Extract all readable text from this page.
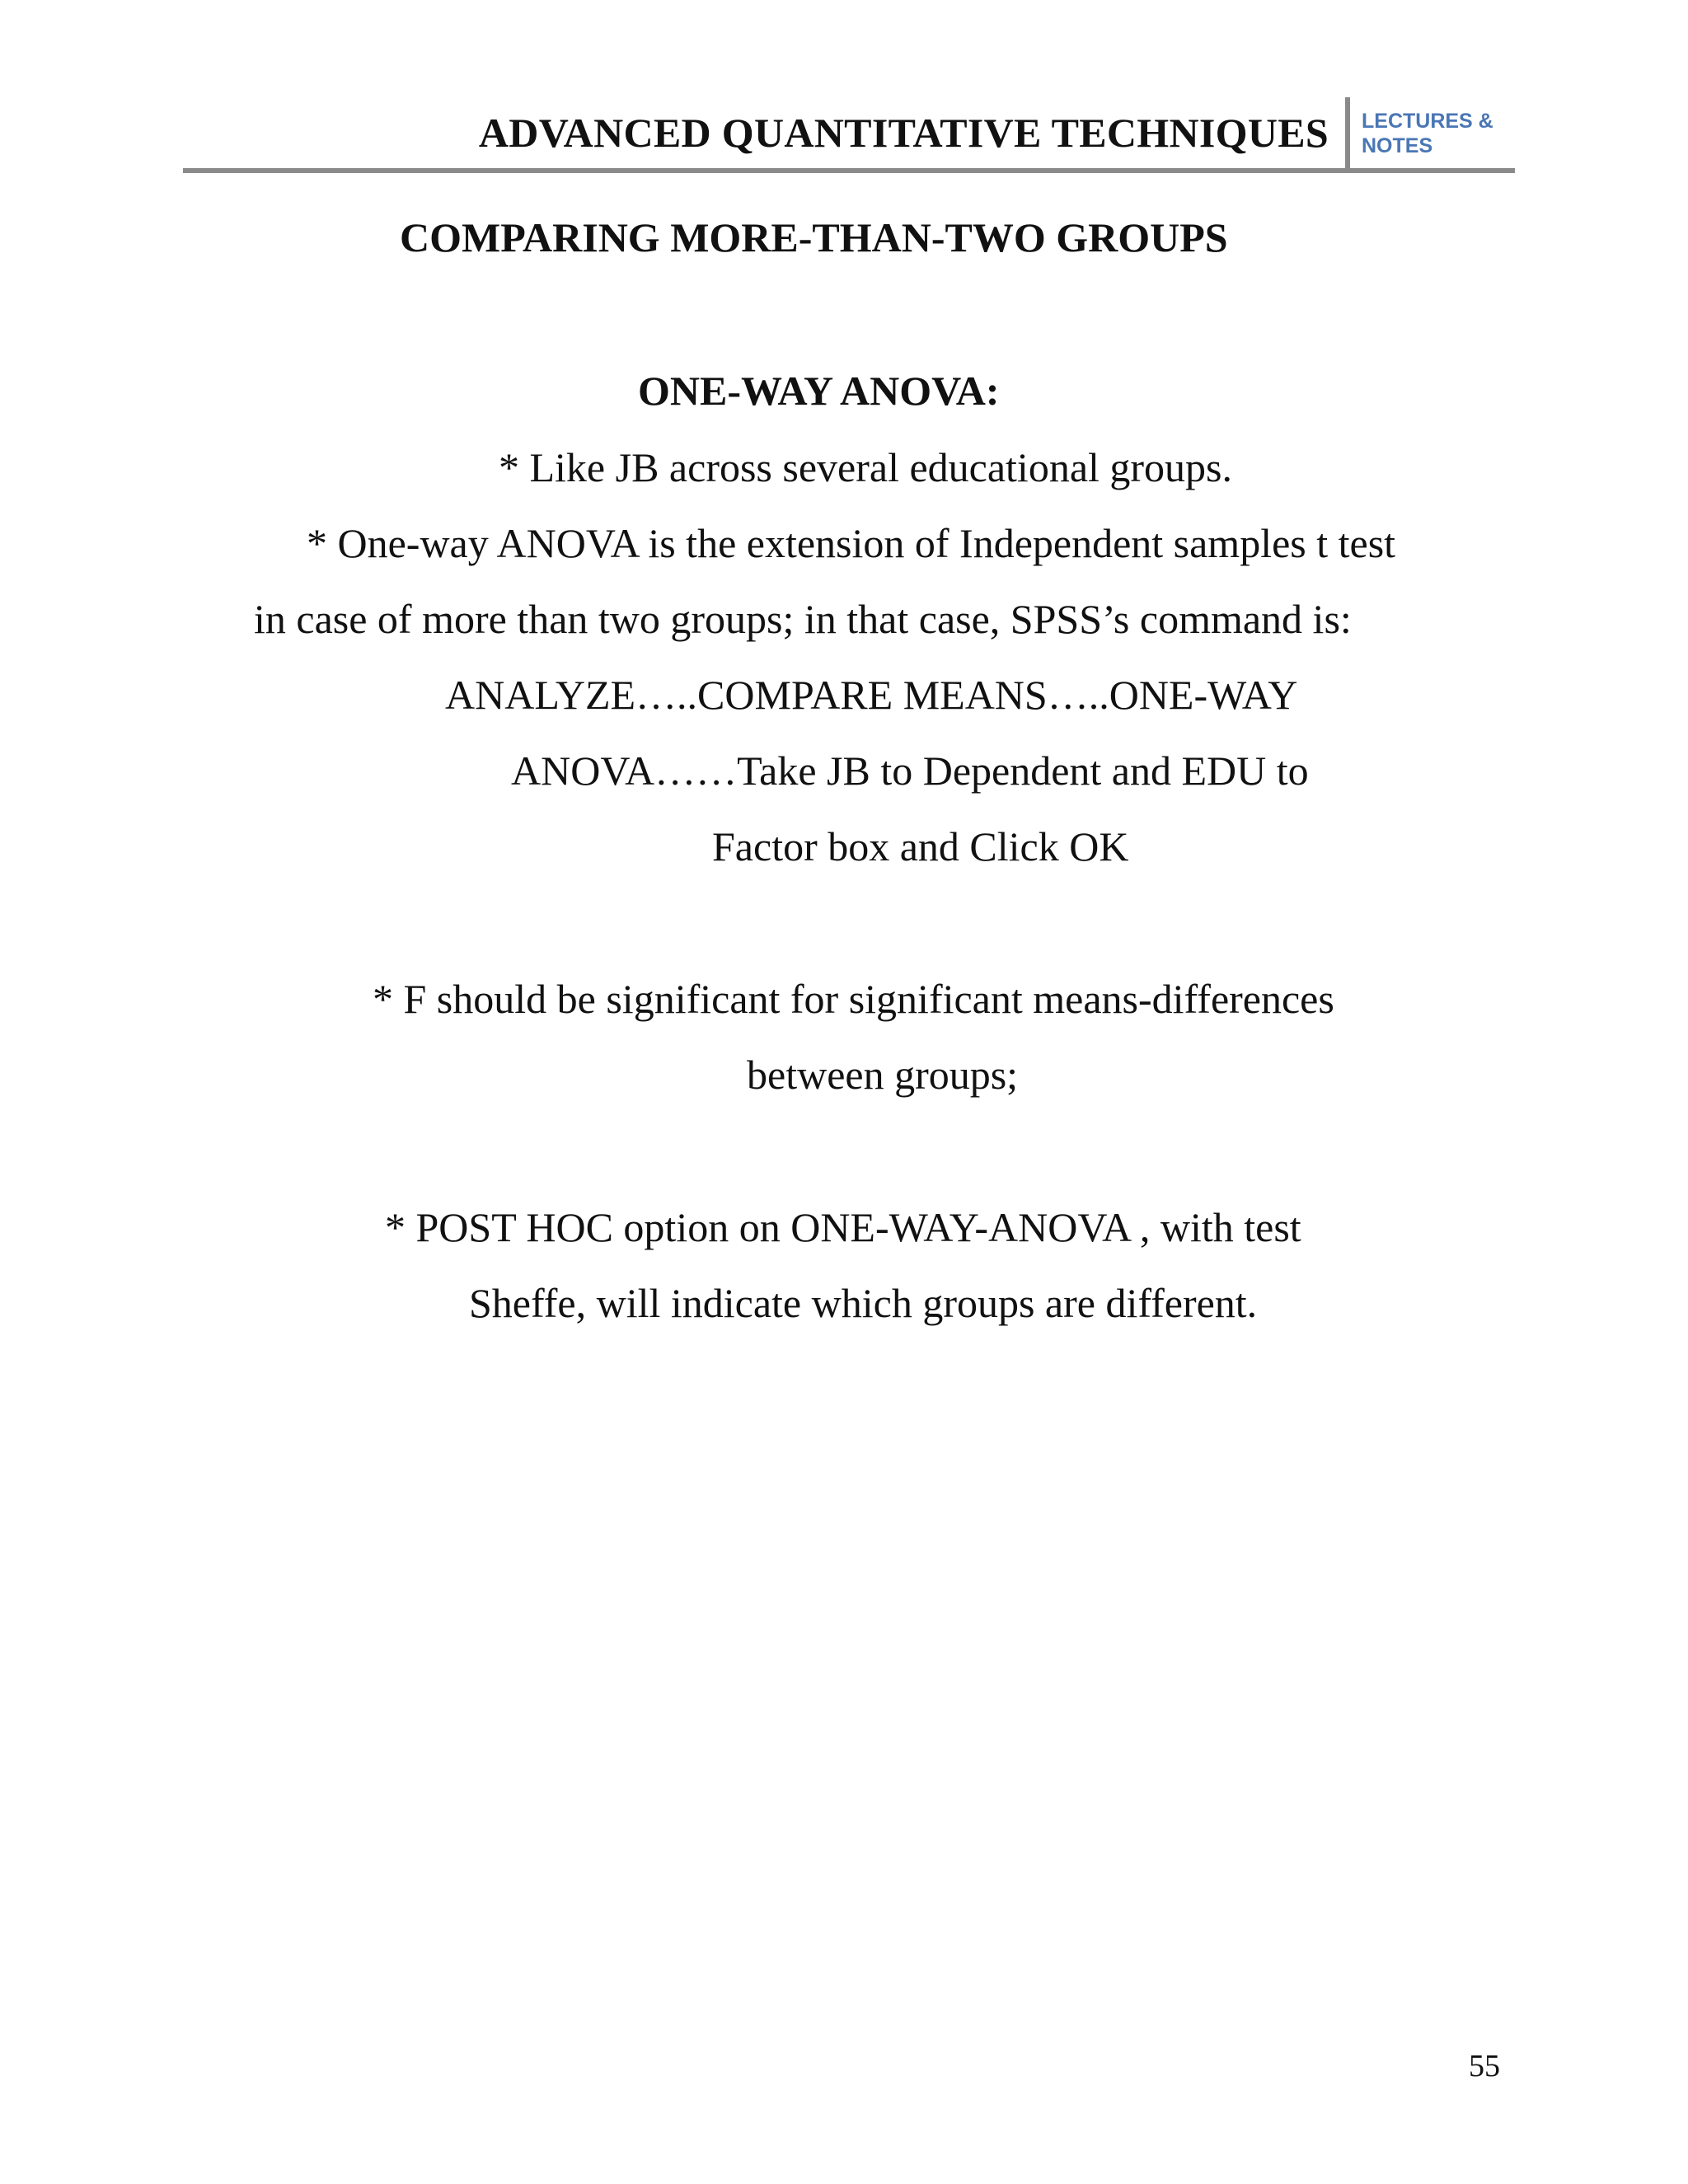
ADVANCED QUANTITATIVE TECHNIQUES LECTURES &
NOTES
COMPARING MORE-THAN-TWO GROUPS
ONE-WAY ANOVA:
* Like JB across several educational groups.
* One-way ANOVA is the extension of Independent samples t test
in case of more than two groups; in that case, SPSS’s command is:
ANALYZE…..COMPARE MEANS…..ONE-WAY
ANOVA……Take JB to Dependent and EDU to
Factor box and Click OK
* F should be significant for significant means-differences
between groups;
* POST HOC option on ONE-WAY-ANOVA , with test
Sheffe, will indicate which groups are different.
55
